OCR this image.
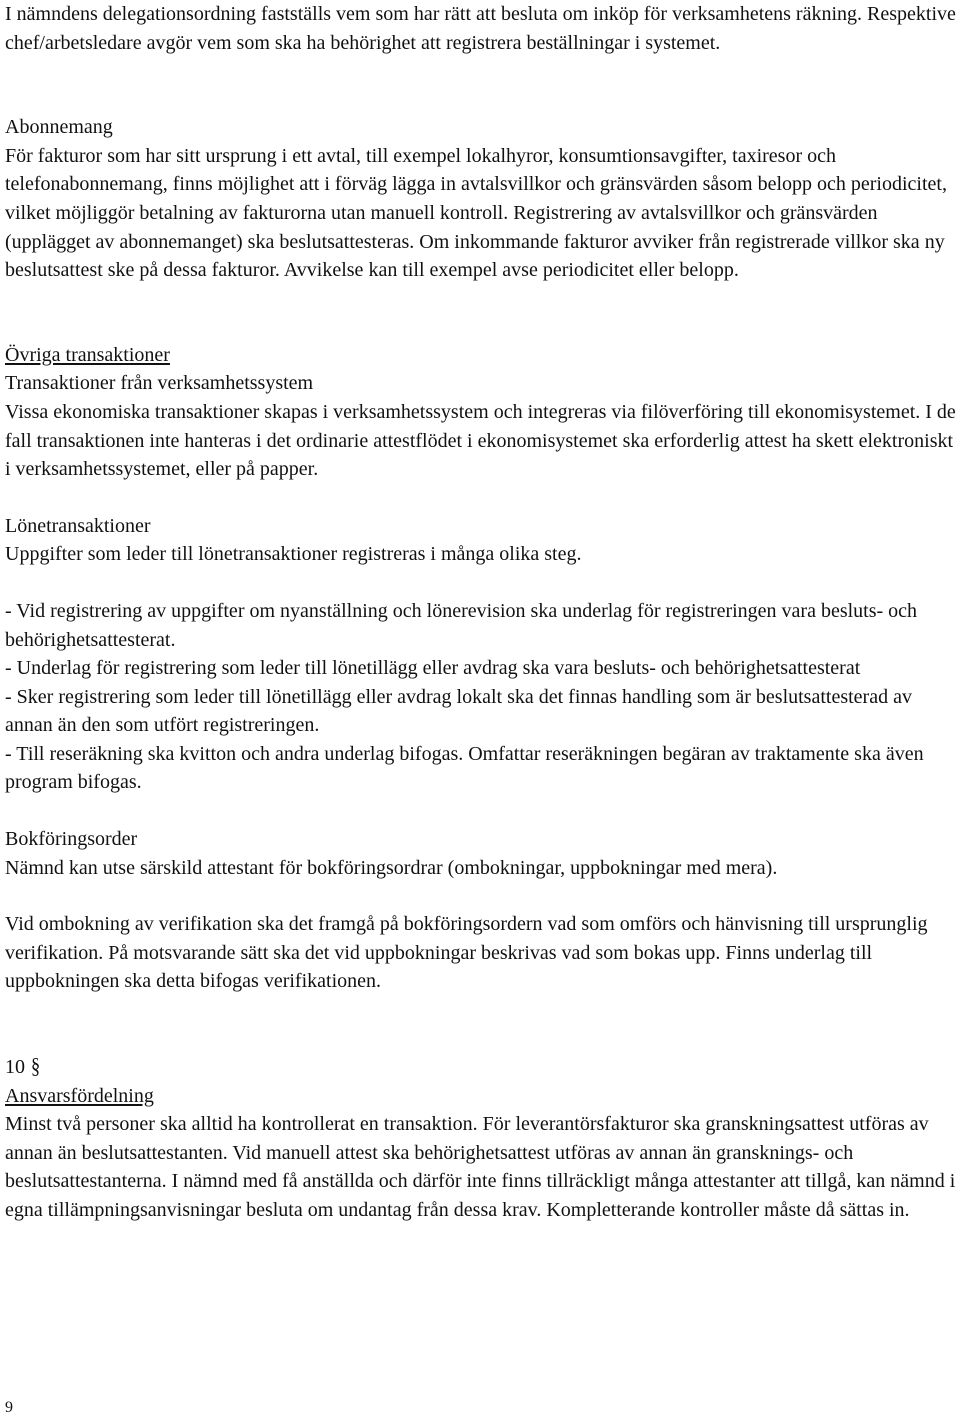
I nämndens delegationsordning fastställs vem som har rätt att besluta om inköp för verksamhetens räkning. Respektive chef/arbetsledare avgör vem som ska ha behörighet att registrera beställningar i systemet.

Abonnemang

För fakturor som har sitt ursprung i ett avtal, till exempel lokalhyror, konsumtionsavgifter, taxiresor och telefonabonnemang, finns möjlighet att i förväg lägga in avtalsvillkor och gränsvärden såsom belopp och periodicitet, vilket möjliggör betalning av fakturorna utan manuell kontroll. Registrering av avtalsvillkor och gränsvärden (upplägget av abonnemanget) ska beslutsattesteras. Om inkommande fakturor avviker från registrerade villkor ska ny beslutsattest ske på dessa fakturor. Avvikelse kan till exempel avse periodicitet eller belopp.

Övriga transaktioner

Transaktioner från verksamhetssystem

Vissa ekonomiska transaktioner skapas i verksamhetssystem och integreras via filöverföring till ekonomisystemet. I de fall transaktionen inte hanteras i det ordinarie attestflödet i ekonomisystemet ska erforderlig attest ha skett elektroniskt i verksamhetssystemet, eller på papper.

Lönetransaktioner

Uppgifter som leder till lönetransaktioner registreras i många olika steg.

- Vid registrering av uppgifter om nyanställning och lönerevision ska underlag för registreringen vara besluts- och behörighetsattesterat.

- Underlag för registrering som leder till lönetillägg eller avdrag ska vara besluts- och behörighetsattesterat

- Sker registrering som leder till lönetillägg eller avdrag lokalt ska det finnas handling som är beslutsattesterad av annan än den som utfört registreringen.

- Till reseräkning ska kvitton och andra underlag bifogas. Omfattar reseräkningen begäran av traktamente ska även program bifogas.

Bokföringsorder

Nämnd kan utse särskild attestant för bokföringsordrar (ombokningar, uppbokningar med mera).

Vid ombokning av verifikation ska det framgå på bokföringsordern vad som omförs och hänvisning till ursprunglig verifikation. På motsvarande sätt ska det vid uppbokningar beskrivas vad som bokas upp. Finns underlag till uppbokningen ska detta bifogas verifikationen.

10 §

Ansvarsfördelning

Minst två personer ska alltid ha kontrollerat en transaktion. För leverantörsfakturor ska granskningsattest utföras av annan än beslutsattestanten. Vid manuell attest ska behörighetsattest utföras av annan än gransknings- och beslutsattestanterna. I nämnd med få anställda och därför inte finns tillräckligt många attestanter att tillgå, kan nämnd i egna tillämpningsanvisningar besluta om undantag från dessa krav. Kompletterande kontroller måste då sättas in.

9
